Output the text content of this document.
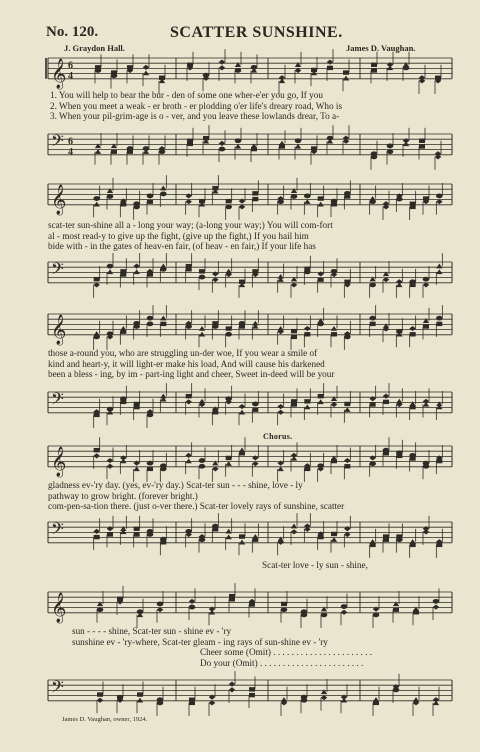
No. 120.	SCATTER SUNSHINE.
J. Graydon Hall.	James D. Vaughan.
𝄞 6
4
1. You will help to bear the bur - den of some one wher-e'er you go, If you
2. When you meet a weak - er broth - er plodding o'er life's dreary road, Who is
3. When your pil-grim-age is o - ver, and you leave these lowlands drear, To a-
𝄢 6
4
𝄞
scat-ter sun-shine all a - long your way; (a-long your way;) You will com-fort
al - most read-y to give up the fight, (give up the fight,) If you hail him
bide with - in the gates of heav-en fair, (of heav - en fair,) If your life has
𝄢
𝄞
those a-round you, who are struggling un-der woe, If you wear a smile of
kind and heart-y, it will light-er make his load, And will cause his darkened
been a bless - ing, by im - part-ing light and cheer, Sweet in-deed will be your
𝄢
Chorus.
𝄞
gladness ev-'ry day. (yes, ev-'ry day.) Scat-ter sun - - - shine, love - ly
pathway to grow bright. (forever bright.)
com-pen-sa-tion there. (just o-ver there.) Scat-ter lovely rays of sunshine, scatter
𝄢
Scat-ter love - ly sun - shine,
𝄞
sun - - - - shine, Scat-ter sun - shine ev - 'ry
sunshine ev - 'ry-where, Scat-ter gleam - ing rays of sun-shine ev - 'ry
Cheer some (Omit) . . . . . . . . . . . . . . . . . . . . . .
Do your (Omit) . . . . . . . . . . . . . . . . . . . . . . .
𝄢
James D. Vaughan, owner, 1924.
